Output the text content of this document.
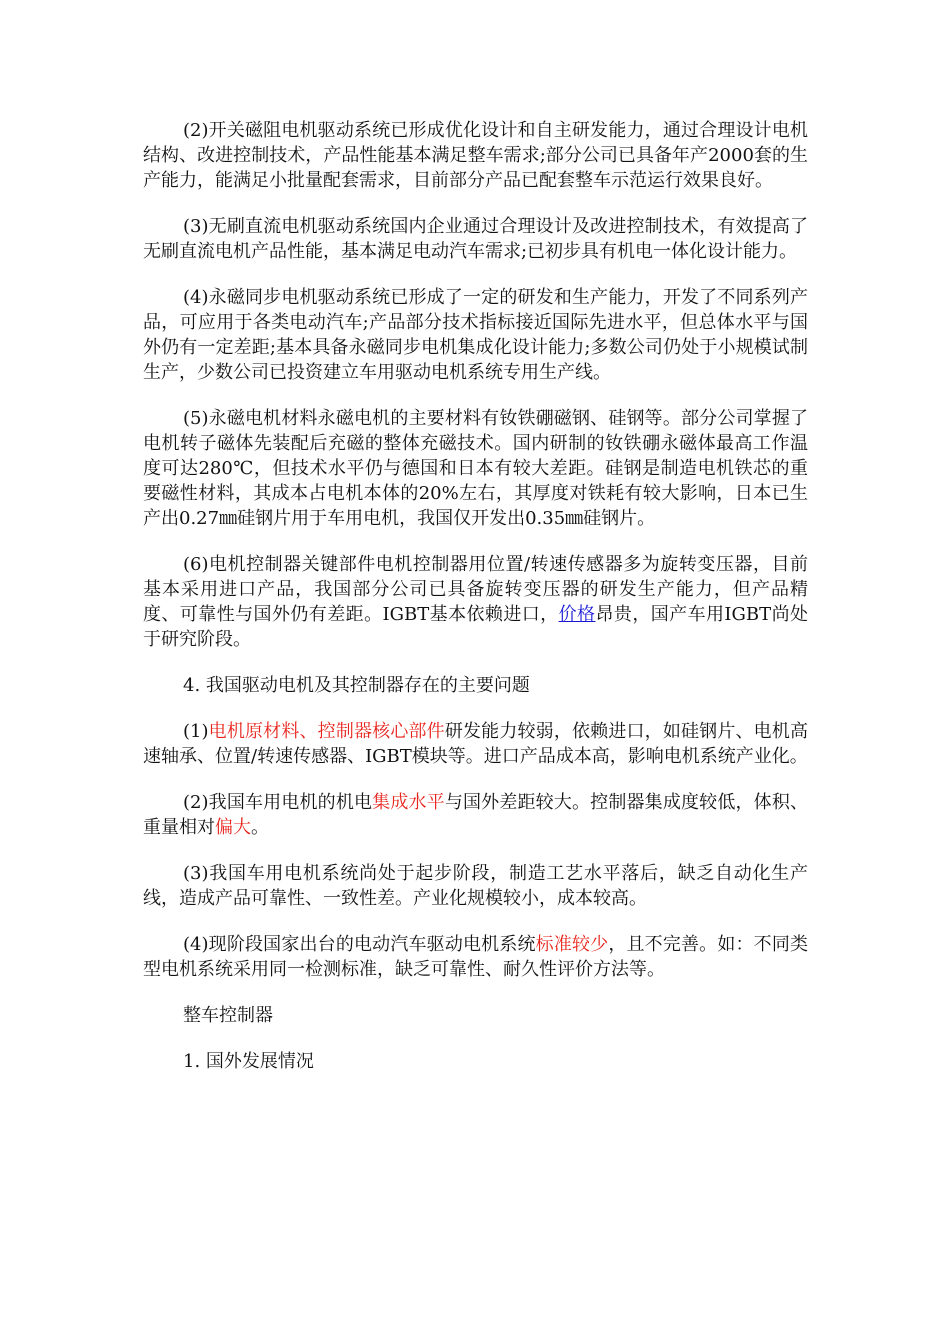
(2)开关磁阻电机驱动系统已形成优化设计和自主研发能力，通过合理设计电机结构、改进控制技术，产品性能基本满足整车需求;部分公司已具备年产2000套的生产能力，能满足小批量配套需求，目前部分产品已配套整车示范运行效果良好。

(3)无刷直流电机驱动系统国内企业通过合理设计及改进控制技术，有效提高了无刷直流电机产品性能，基本满足电动汽车需求;已初步具有机电一体化设计能力。

(4)永磁同步电机驱动系统已形成了一定的研发和生产能力，开发了不同系列产品，可应用于各类电动汽车;产品部分技术指标接近国际先进水平，但总体水平与国外仍有一定差距;基本具备永磁同步电机集成化设计能力;多数公司仍处于小规模试制生产，少数公司已投资建立车用驱动电机系统专用生产线。

(5)永磁电机材料永磁电机的主要材料有钕铁硼磁钢、硅钢等。部分公司掌握了电机转子磁体先装配后充磁的整体充磁技术。国内研制的钕铁硼永磁体最高工作温度可达280℃，但技术水平仍与德国和日本有较大差距。硅钢是制造电机铁芯的重要磁性材料，其成本占电机本体的20%左右，其厚度对铁耗有较大影响，日本已生产出0.27㎜硅钢片用于车用电机，我国仅开发出0.35㎜硅钢片。

(6)电机控制器关键部件电机控制器用位置/转速传感器多为旋转变压器，目前基本采用进口产品，我国部分公司已具备旋转变压器的研发生产能力，但产品精度、可靠性与国外仍有差距。IGBT基本依赖进口，价格昂贵，国产车用IGBT尚处于研究阶段。

4. 我国驱动电机及其控制器存在的主要问题

(1)电机原材料、控制器核心部件研发能力较弱，依赖进口，如硅钢片、电机高速轴承、位置/转速传感器、IGBT模块等。进口产品成本高，影响电机系统产业化。

(2)我国车用电机的机电集成水平与国外差距较大。控制器集成度较低，体积、重量相对偏大。

(3)我国车用电机系统尚处于起步阶段，制造工艺水平落后，缺乏自动化生产线，造成产品可靠性、一致性差。产业化规模较小，成本较高。

(4)现阶段国家出台的电动汽车驱动电机系统标准较少，且不完善。如：不同类型电机系统采用同一检测标准，缺乏可靠性、耐久性评价方法等。

整车控制器

1. 国外发展情况
